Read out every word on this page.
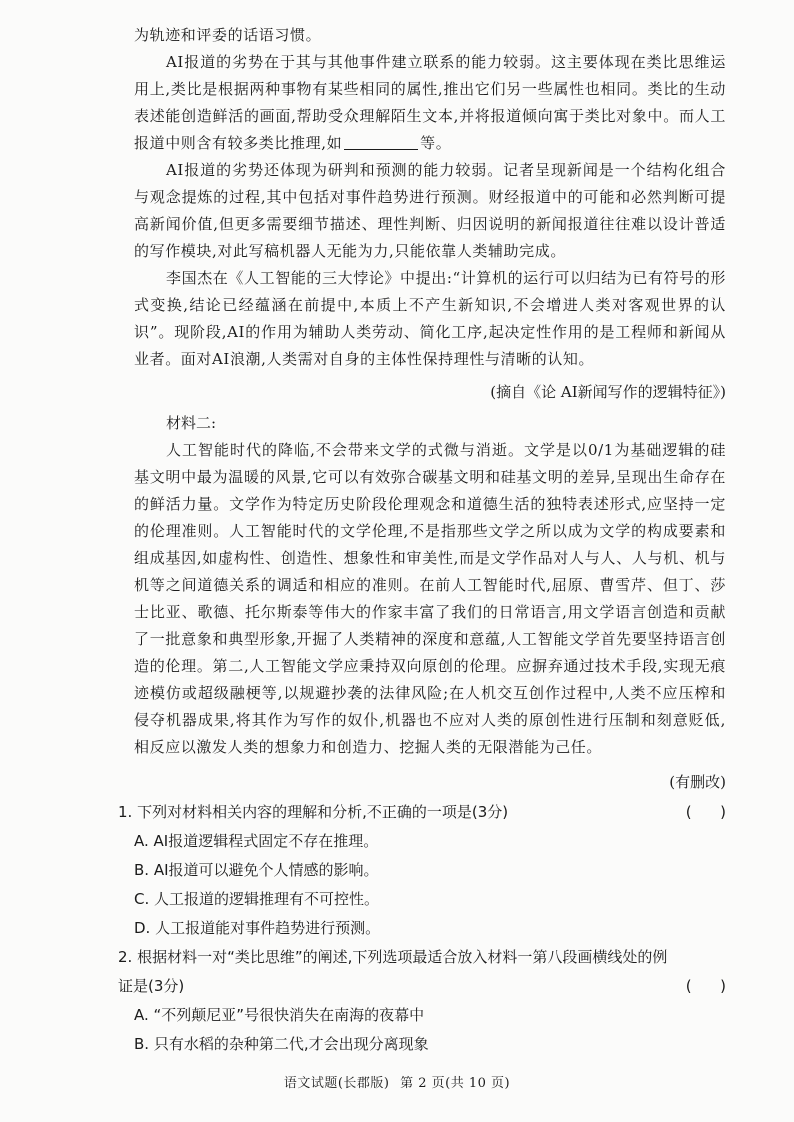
为轨迹和评委的话语习惯。

AI报道的劣势在于其与其他事件建立联系的能力较弱。这主要体现在类比思维运用上,类比是根据两种事物有某些相同的属性,推出它们另一些属性也相同。类比的生动表述能创造鲜活的画面,帮助受众理解陌生文本,并将报道倾向寓于类比对象中。而人工报道中则含有较多类比推理,如	等。

AI报道的劣势还体现为研判和预测的能力较弱。记者呈现新闻是一个结构化组合与观念提炼的过程,其中包括对事件趋势进行预测。财经报道中的可能和必然判断可提高新闻价值,但更多需要细节描述、理性判断、归因说明的新闻报道往往难以设计普适的写作模块,对此写稿机器人无能为力,只能依靠人类辅助完成。

李国杰在《人工智能的三大悖论》中提出:“计算机的运行可以归结为已有符号的形式变换,结论已经蕴涵在前提中,本质上不产生新知识,不会增进人类对客观世界的认识”。现阶段,AI的作用为辅助人类劳动、简化工序,起决定性作用的是工程师和新闻从业者。面对AI浪潮,人类需对自身的主体性保持理性与清晰的认知。

(摘自《论 AI新闻写作的逻辑特征》)

材料二:

人工智能时代的降临,不会带来文学的式微与消逝。文学是以0/1为基础逻辑的硅基文明中最为温暖的风景,它可以有效弥合碳基文明和硅基文明的差异,呈现出生命存在的鲜活力量。文学作为特定历史阶段伦理观念和道德生活的独特表述形式,应坚持一定的伦理准则。人工智能时代的文学伦理,不是指那些文学之所以成为文学的构成要素和组成基因,如虚构性、创造性、想象性和审美性,而是文学作品对人与人、人与机、机与机等之间道德关系的调适和相应的准则。在前人工智能时代,屈原、曹雪芹、但丁、莎士比亚、歌德、托尔斯泰等伟大的作家丰富了我们的日常语言,用文学语言创造和贡献了一批意象和典型形象,开掘了人类精神的深度和意蕴,人工智能文学首先要坚持语言创造的伦理。第二,人工智能文学应秉持双向原创的伦理。应摒弃通过技术手段,实现无痕迹模仿或超级融梗等,以规避抄袭的法律风险;在人机交互创作过程中,人类不应压榨和侵夺机器成果,将其作为写作的奴仆,机器也不应对人类的原创性进行压制和刻意贬低,相反应以激发人类的想象力和创造力、挖掘人类的无限潜能为己任。

(有删改)

1. 下列对材料相关内容的理解和分析,不正确的一项是(3分)	(      )
A. AI报道逻辑程式固定不存在推理。
B. AI报道可以避免个人情感的影响。
C. 人工报道的逻辑推理有不可控性。
D. 人工报道能对事件趋势进行预测。
2. 根据材料一对“类比思维”的阐述,下列选项最适合放入材料一第八段画横线处的例证是(3分)	(      )
A. “不列颠尼亚”号很快消失在南海的夜幕中
B. 只有水稻的杂种第二代,才会出现分离现象
语文试题(长郡版) 第 2 页(共 10 页)
